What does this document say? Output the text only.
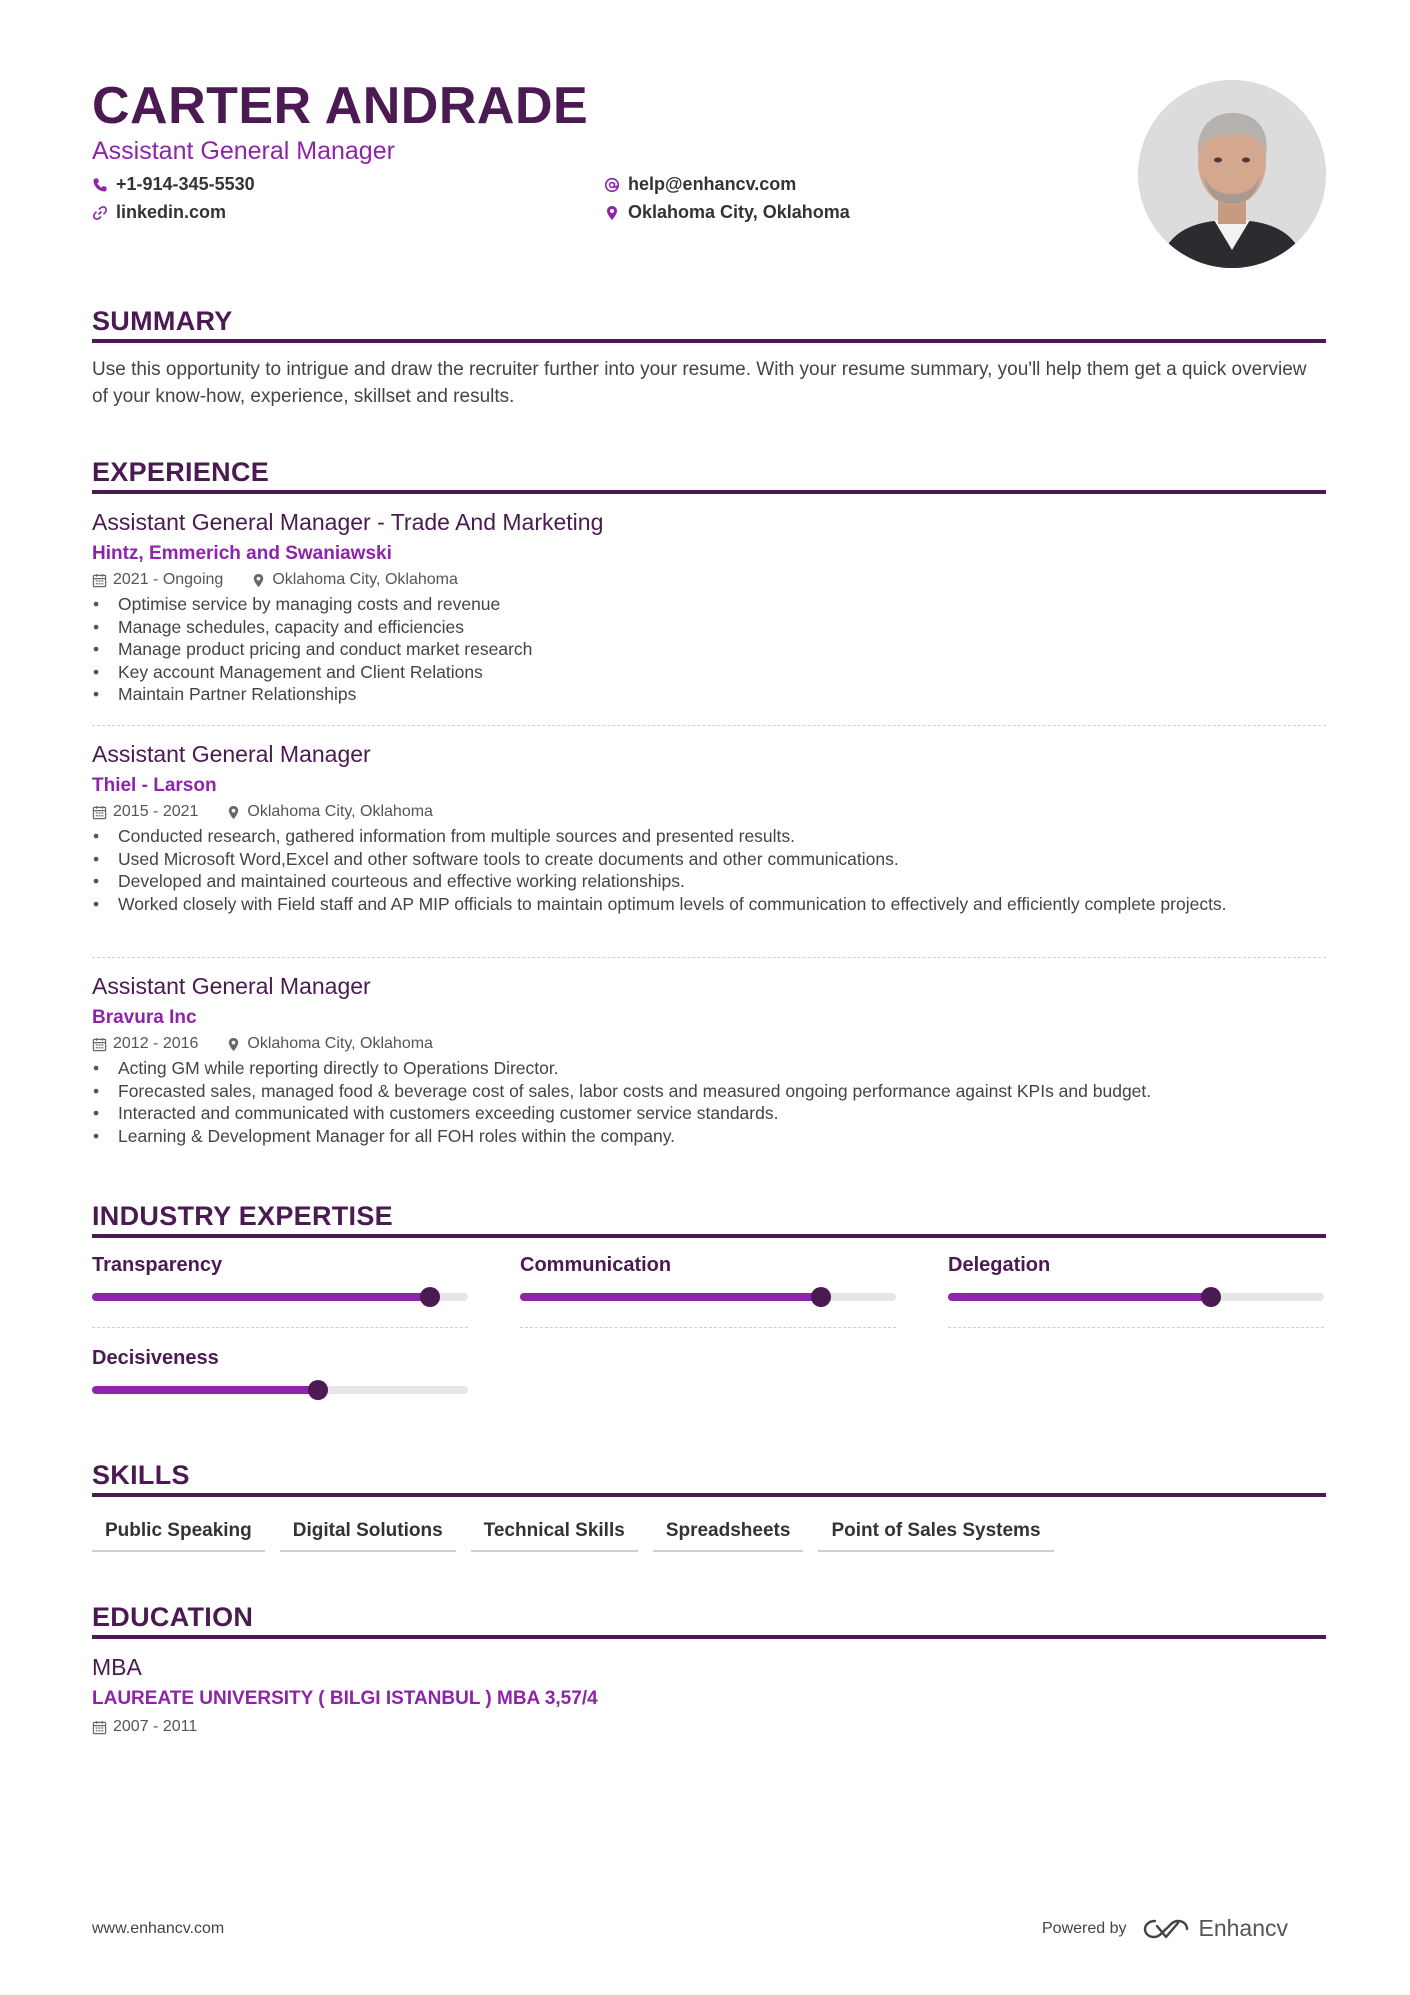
CARTER ANDRADE
Assistant General Manager
+1-914-345-5530	help@enhancv.com
linkedin.com	Oklahoma City, Oklahoma
SUMMARY
Use this opportunity to intrigue and draw the recruiter further into your resume. With your resume summary, you'll help them get a quick overview of your know-how, experience, skillset and results.
EXPERIENCE
Assistant General Manager - Trade And Marketing
Hintz, Emmerich and Swaniawski
2021 - Ongoing	Oklahoma City, Oklahoma
• Optimise service by managing costs and revenue
• Manage schedules, capacity and efficiencies
• Manage product pricing and conduct market research
• Key account Management and Client Relations
• Maintain Partner Relationships
Assistant General Manager
Thiel - Larson
2015 - 2021	Oklahoma City, Oklahoma
• Conducted research, gathered information from multiple sources and presented results.
• Used Microsoft Word,Excel and other software tools to create documents and other communications.
• Developed and maintained courteous and effective working relationships.
• Worked closely with Field staff and AP MIP officials to maintain optimum levels of communication to effectively and efficiently complete projects.
Assistant General Manager
Bravura Inc
2012 - 2016	Oklahoma City, Oklahoma
• Acting GM while reporting directly to Operations Director.
• Forecasted sales, managed food & beverage cost of sales, labor costs and measured ongoing performance against KPIs and budget.
• Interacted and communicated with customers exceeding customer service standards.
• Learning & Development Manager for all FOH roles within the company.
INDUSTRY EXPERTISE
Transparency	Communication	Delegation
Decisiveness
SKILLS
Public Speaking	Digital Solutions	Technical Skills	Spreadsheets	Point of Sales Systems
EDUCATION
MBA
LAUREATE UNIVERSITY ( BILGI ISTANBUL ) MBA 3,57/4
2007 - 2011
www.enhancv.com	Powered by	Enhancv
